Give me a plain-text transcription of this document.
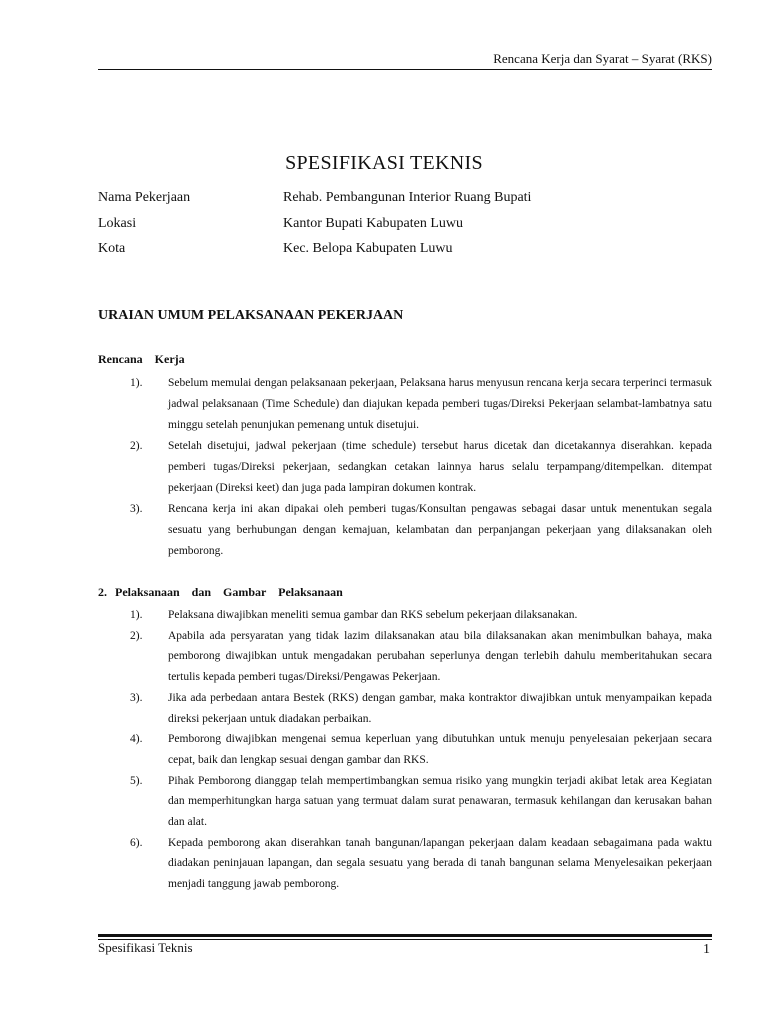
Rencana Kerja dan Syarat – Syarat (RKS)
SPESIFIKASI TEKNIS
Nama Pekerjaan	Rehab. Pembangunan Interior Ruang Bupati
Lokasi	Kantor Bupati Kabupaten Luwu
Kota	Kec. Belopa Kabupaten Luwu
URAIAN UMUM PELAKSANAAN PEKERJAAN
Rencana Kerja
1).	Sebelum memulai dengan pelaksanaan pekerjaan, Pelaksana harus menyusun rencana kerja secara terperinci termasuk jadwal pelaksanaan (Time Schedule) dan diajukan kepada pemberi tugas/Direksi Pekerjaan selambat-lambatnya satu minggu setelah penunjukan pemenang untuk disetujui.
2).	Setelah disetujui, jadwal pekerjaan (time schedule) tersebut harus dicetak dan dicetakannya diserahkan. kepada pemberi tugas/Direksi pekerjaan, sedangkan cetakan lainnya harus selalu terpampang/ditempelkan. ditempat pekerjaan (Direksi keet) dan juga pada lampiran dokumen kontrak.
3).	Rencana kerja ini akan dipakai oleh pemberi tugas/Konsultan pengawas sebagai dasar untuk menentukan segala sesuatu yang berhubungan dengan kemajuan, kelambatan dan perpanjangan pekerjaan yang dilaksanakan oleh pemborong.
2. Pelaksanaan dan Gambar Pelaksanaan
1).	Pelaksana diwajibkan meneliti semua gambar dan RKS sebelum pekerjaan dilaksanakan.
2).	Apabila ada persyaratan yang tidak lazim dilaksanakan atau bila dilaksanakan akan menimbulkan bahaya, maka pemborong diwajibkan untuk mengadakan perubahan seperlunya dengan terlebih dahulu memberitahukan secara tertulis kepada pemberi tugas/Direksi/Pengawas Pekerjaan.
3).	Jika ada perbedaan antara Bestek (RKS) dengan gambar, maka kontraktor diwajibkan untuk menyampaikan kepada direksi pekerjaan untuk diadakan perbaikan.
4).	Pemborong diwajibkan mengenai semua keperluan yang dibutuhkan untuk menuju penyelesaian pekerjaan secara cepat, baik dan lengkap sesuai dengan gambar dan RKS.
5).	Pihak Pemborong dianggap telah mempertimbangkan semua risiko yang mungkin terjadi akibat letak area Kegiatan dan memperhitungkan harga satuan yang termuat dalam surat penawaran, termasuk kehilangan dan kerusakan bahan dan alat.
6).	Kepada pemborong akan diserahkan tanah bangunan/lapangan pekerjaan dalam keadaan sebagaimana pada waktu diadakan peninjauan lapangan, dan segala sesuatu yang berada di tanah bangunan selama Menyelesaikan pekerjaan menjadi tanggung jawab pemborong.
Spesifikasi Teknis	1
